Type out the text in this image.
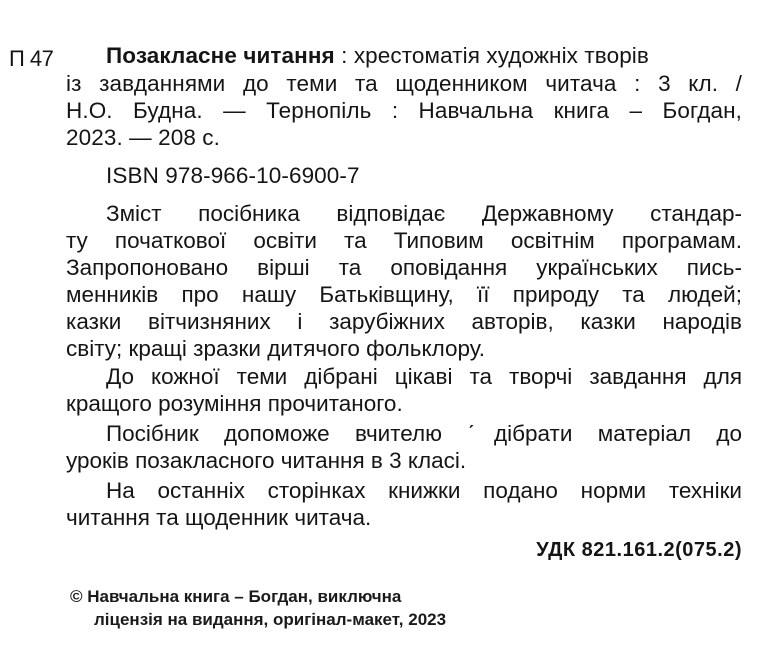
П 47 Позакласне читання : хрестоматія художніх творів
із завданнями до теми та щоденником читача : 3 кл. /
Н.О. Будна. — Тернопіль : Навчальна книга – Богдан,
2023. — 208 с.
ISBN 978-966-10-6900-7
Зміст посібника відповідає Державному стандар-
ту початкової освіти та Типовим освітнім програмам.
Запропоновано вірші та оповідання українських пись-
менників про нашу Батьківщину, її природу та людей;
казки вітчизняних і зарубіжних авторів, казки народів
світу; кращі зразки дитячого фольклору.
До кожної теми дібрані цікаві та творчі завдання для
кращого розуміння прочитаного.
Посібник допоможе вчителю ˊдібрати матеріал до
уроків позакласного читання в 3 класі.
На останніх сторінках книжки подано норми техніки
читання та щоденник читача.
УДК 821.161.2(075.2)
© Навчальна книга – Богдан, виключна
ліцензія на видання, оригінал-макет, 2023
